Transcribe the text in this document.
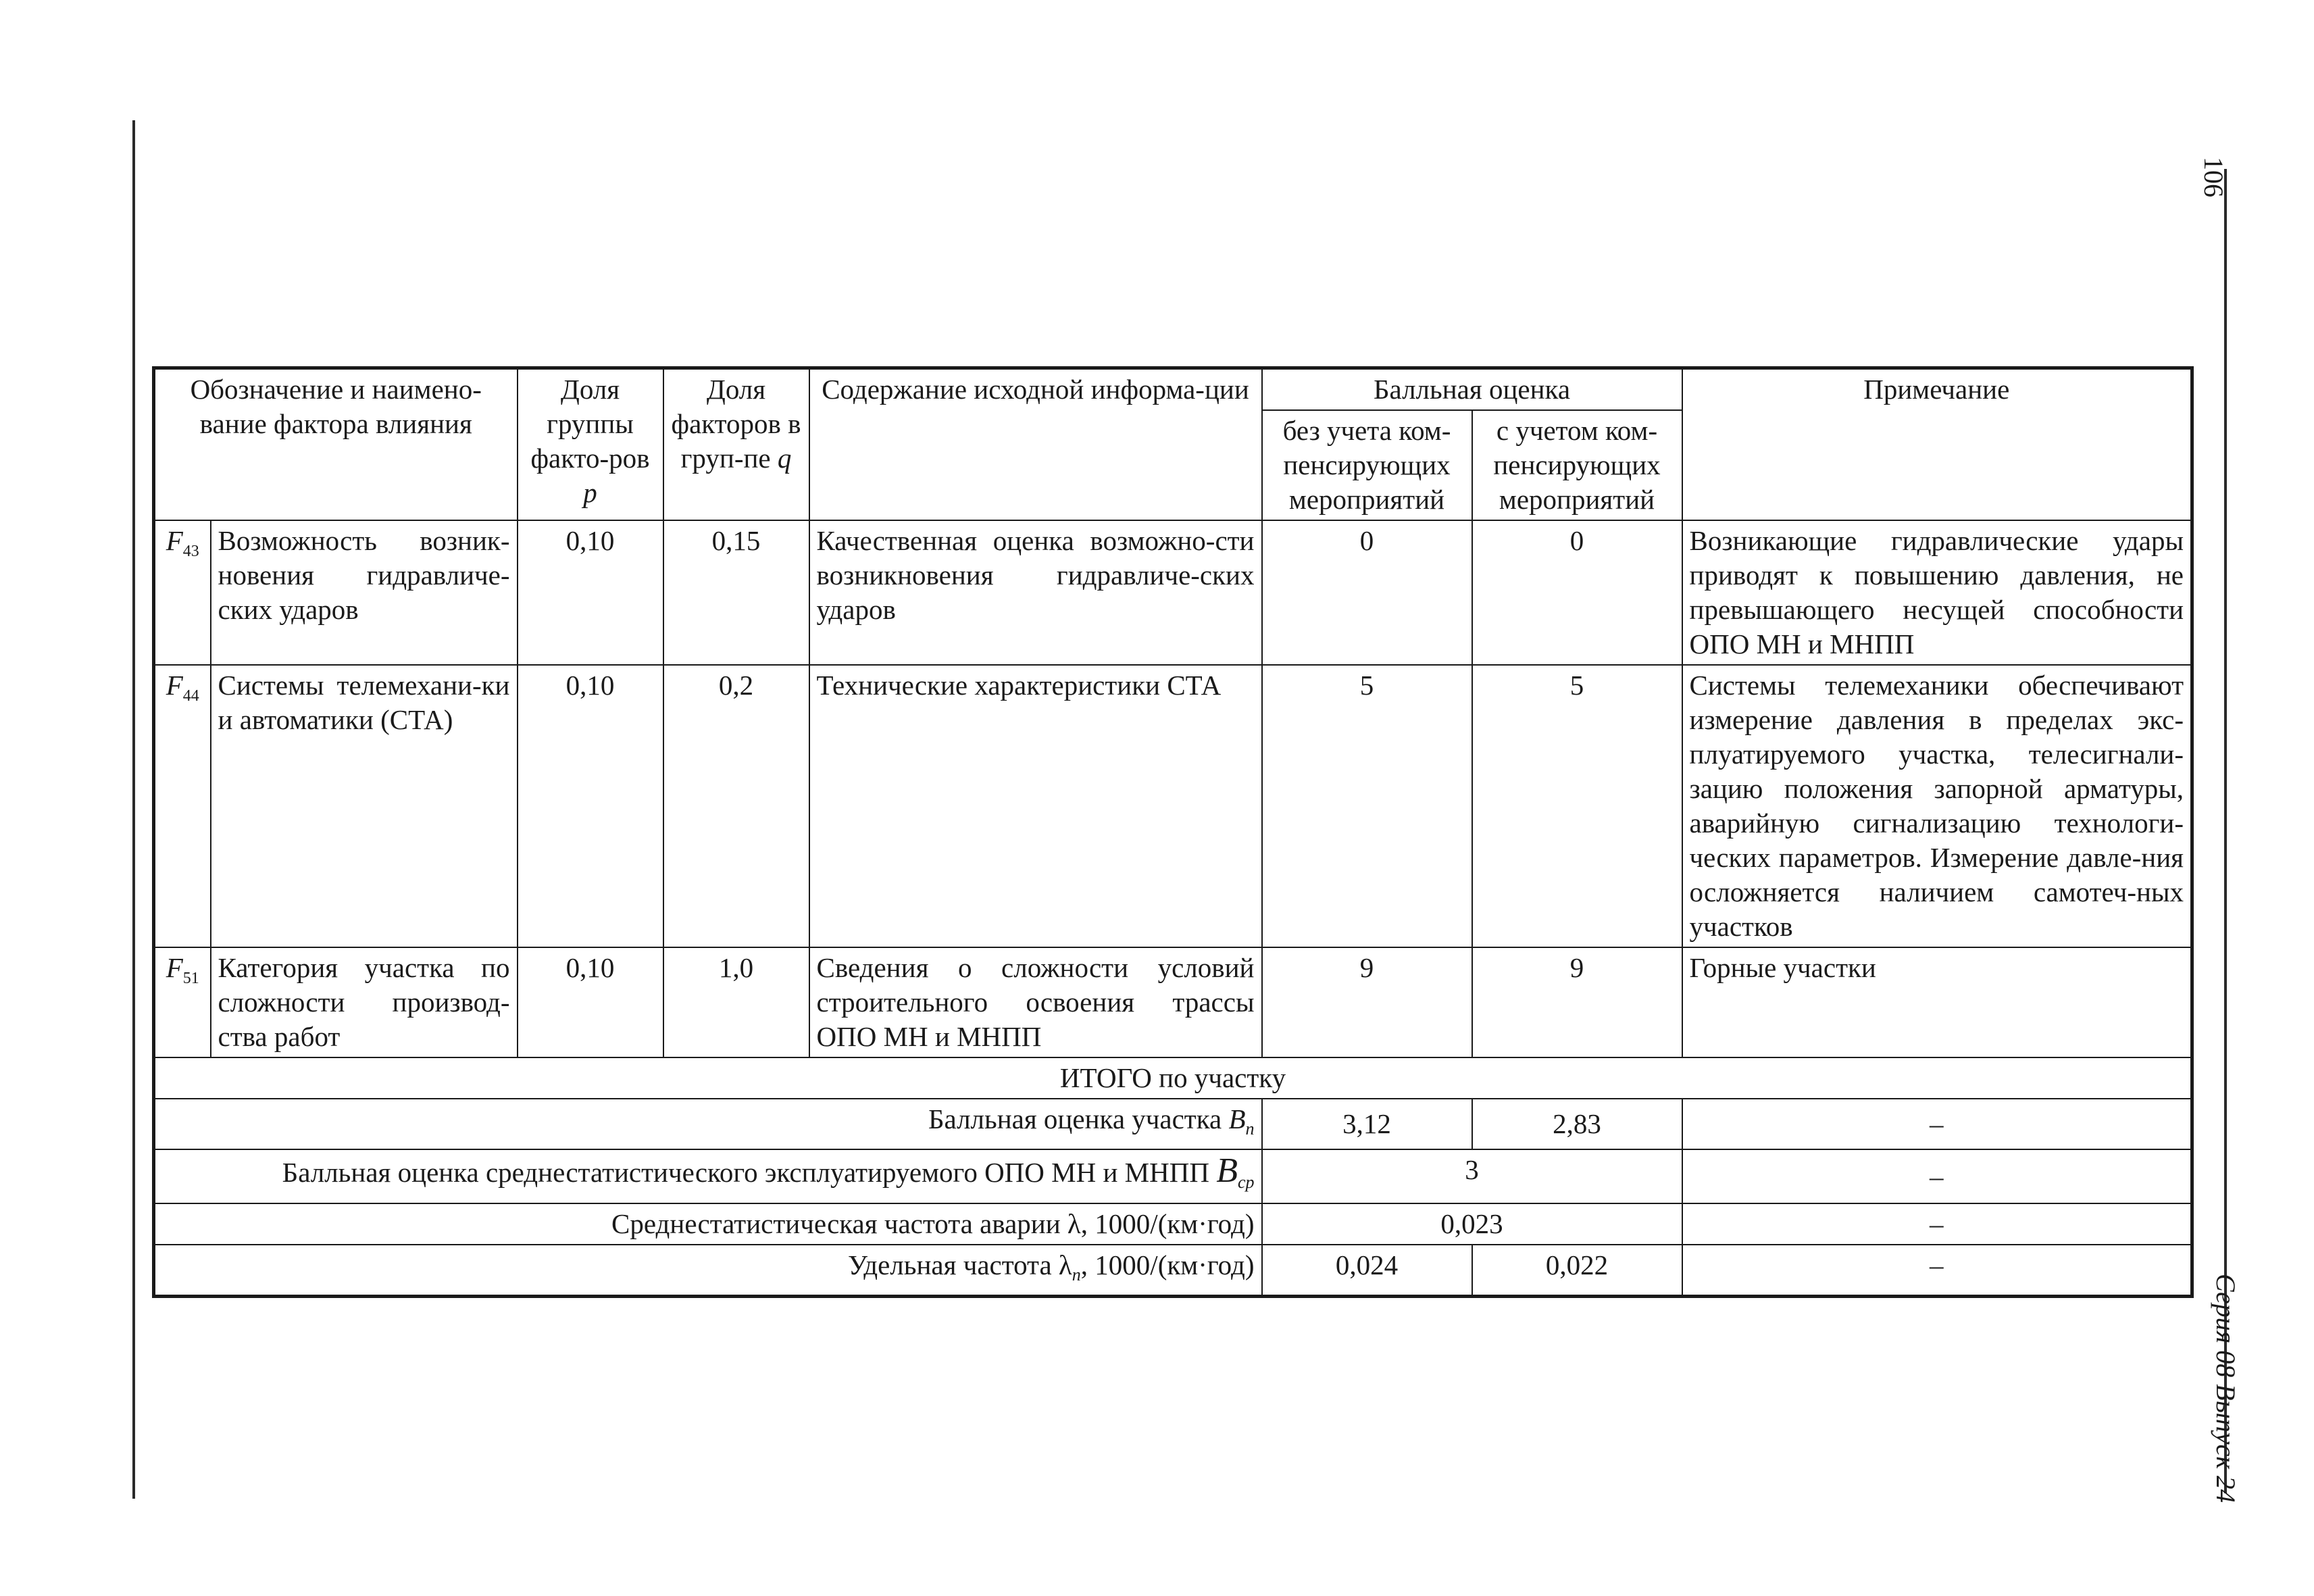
106
Серия 08 Выпуск 24
Обозначение и наимено-вание фактора влияния		Доля группы факто-ров p	Доля факторов в груп-пе q	Содержание исходной информа-ции	Балльная оценка		Примечание
					без учета ком-пенсирующих мероприятий	с учетом ком-пенсирующих мероприятий	
$F_{43}$	Возможность возник-новения гидравличе-ских ударов	0,10	0,15	Качественная оценка возможно-сти возникновения гидравличе-ских ударов	0	0	Возникающие гидравлические удары приводят к повышению давления, не превышающего несущей способности ОПО МН и МНПП
$F_{44}$	Системы телемехани-ки и автоматики (СТА)	0,10	0,2	Технические характеристики СТА	5	5	Системы телемеханики обеспечивают измерение давления в пределах экс-плуатируемого участка, телесигнали-зацию положения запорной арматуры, аварийную сигнализацию технологи-ческих параметров. Измерение давле-ния осложняется наличием самотеч-ных участков
$F_{51}$	Категория участка по сложности производ-ства работ	0,10	1,0	Сведения о сложности условий строительного освоения трассы ОПО МН и МНПП	9	9	Горные участки
ИТОГО по участку							
Балльная оценка участка $B_n$					3,12	2,83	–
Балльная оценка среднестатистического эксплуатируемого ОПО МН и МНПП $B_{ср}$					3		–
Среднестатистическая частота аварии λ, 1000/(км·год)					0,023		–
Удельная частота $\lambda_n$, 1000/(км·год)					0,024	0,022	–
